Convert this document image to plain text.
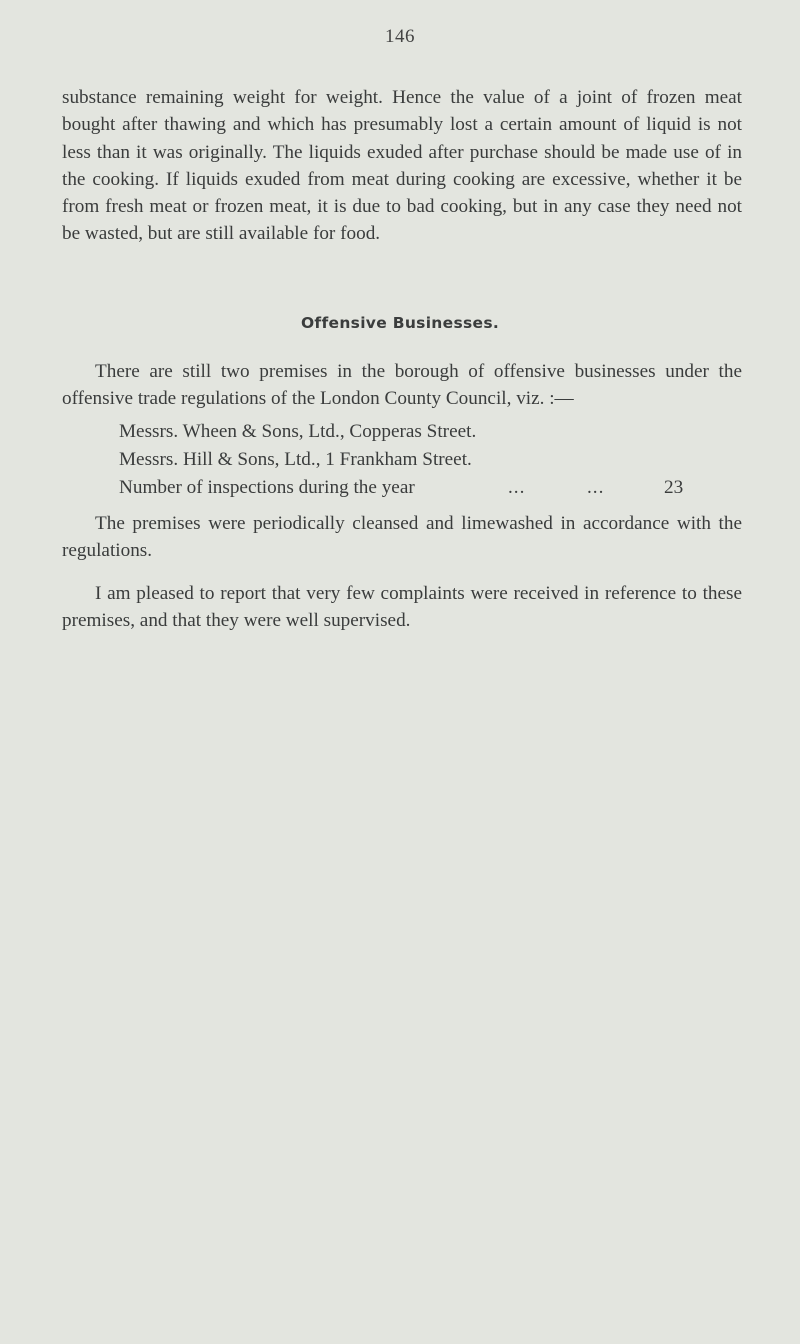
146

substance remaining weight for weight. Hence the value of a joint of frozen meat bought after thawing and which has presumably lost a certain amount of liquid is not less than it was originally. The liquids exuded after purchase should be made use of in the cooking. If liquids exuded from meat during cooking are excessive, whether it be from fresh meat or frozen meat, it is due to bad cooking, but in any case they need not be wasted, but are still available for food.

Offensive Businesses.

There are still two premises in the borough of offensive businesses under the offensive trade regulations of the London County Council, viz. :—

Messrs. Wheen & Sons, Ltd., Copperas Street.
Messrs. Hill & Sons, Ltd., 1 Frankham Street.
Number of inspections during the year	...	...	23

The premises were periodically cleansed and limewashed in accordance with the regulations.

I am pleased to report that very few complaints were received in reference to these premises, and that they were well supervised.
